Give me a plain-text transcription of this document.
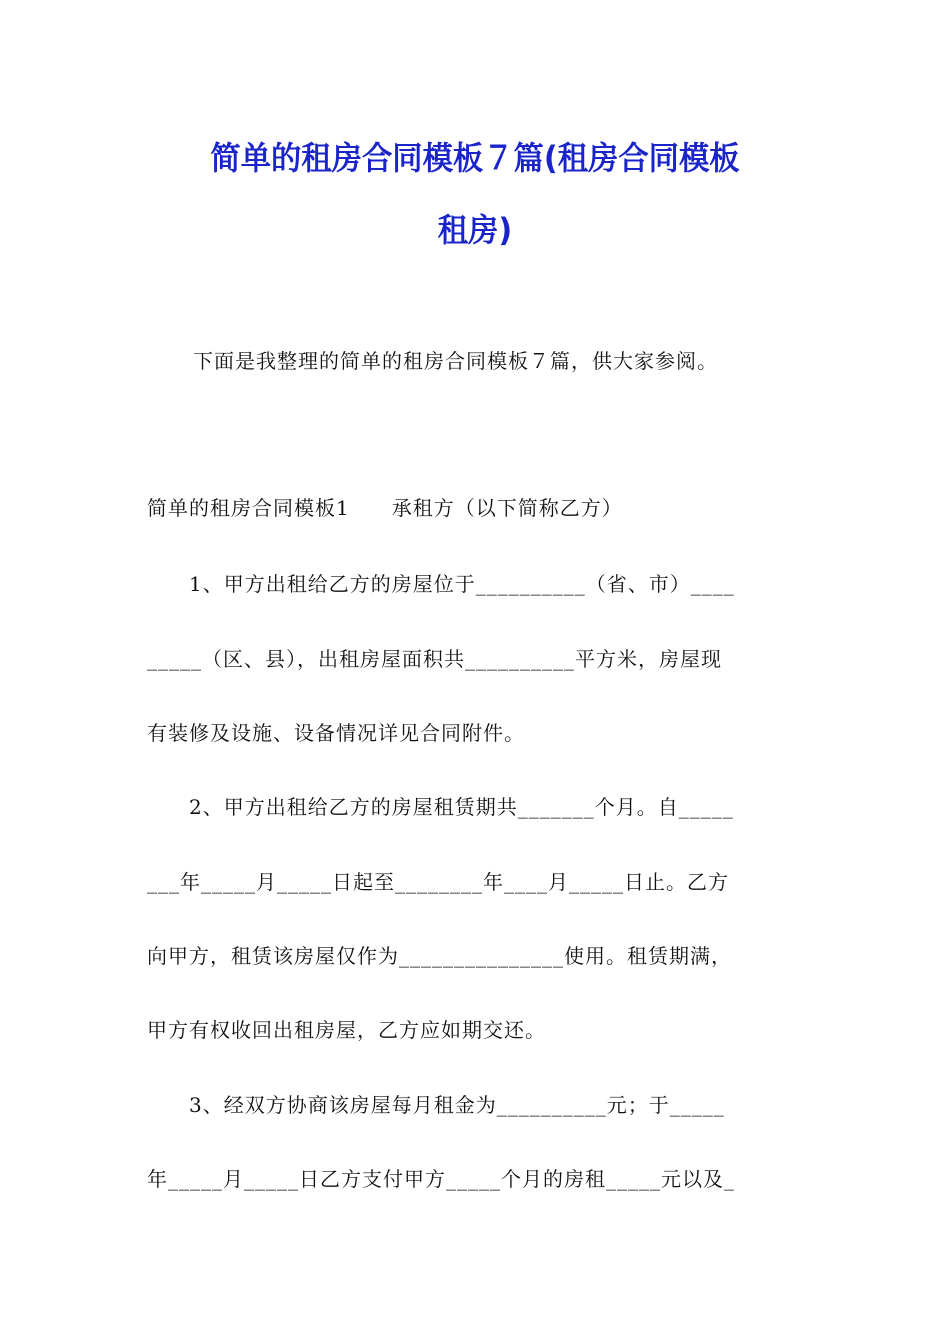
简单的租房合同模板７篇(租房合同模板
租房)
下面是我整理的简单的租房合同模板７篇，供大家参阅。
简单的租房合同模板1　　承租方（以下简称乙方）
　　1、甲方出租给乙方的房屋位于__________（省、市）____
_____（区、县），出租房屋面积共__________平方米，房屋现
有装修及设施、设备情况详见合同附件。
　　2、甲方出租给乙方的房屋租赁期共_______个月。自_____
___年_____月_____日起至________年____月_____日止。乙方
向甲方，租赁该房屋仅作为_______________使用。租赁期满，
甲方有权收回出租房屋，乙方应如期交还。
　　3、经双方协商该房屋每月租金为__________元；于_____
年_____月_____日乙方支付甲方_____个月的房租_____元以及_
